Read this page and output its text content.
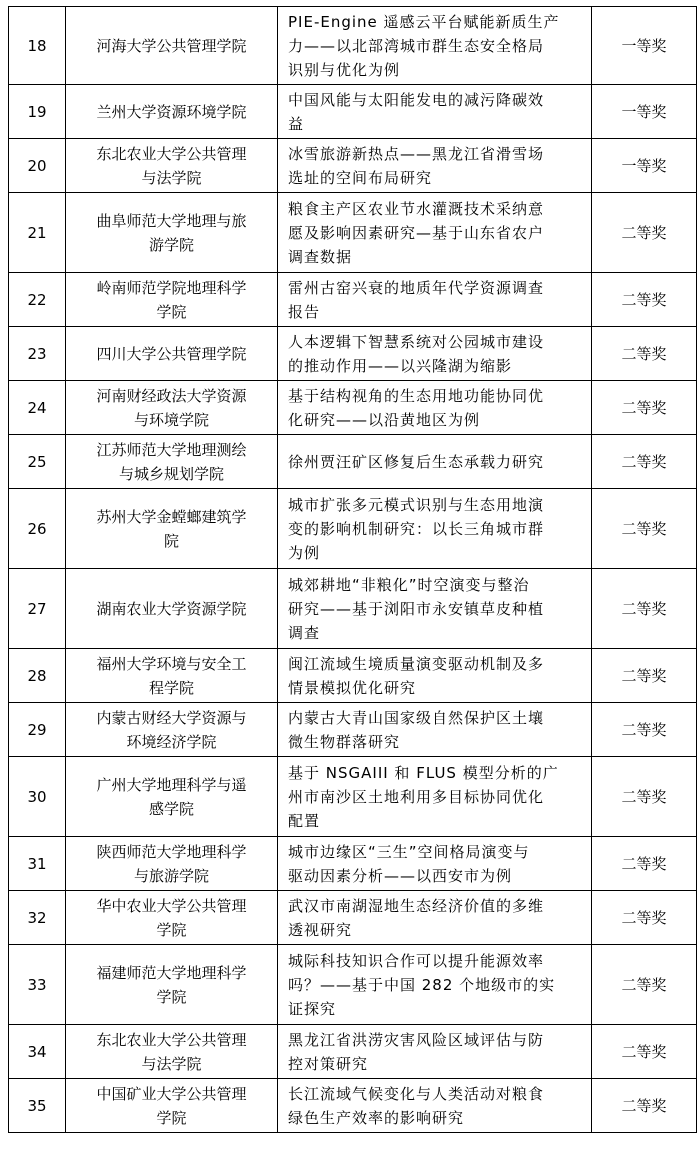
18	河海大学公共管理学院	PIE-Engine 遥感云平台赋能新质生产
力——以北部湾城市群生态安全格局
识别与优化为例	一等奖
19	兰州大学资源环境学院	中国风能与太阳能发电的减污降碳效
益	一等奖
20	东北农业大学公共管理
与法学院	冰雪旅游新热点——黑龙江省滑雪场
选址的空间布局研究	一等奖
21	曲阜师范大学地理与旅
游学院	粮食主产区农业节水灌溉技术采纳意
愿及影响因素研究—基于山东省农户
调查数据	二等奖
22	岭南师范学院地理科学
学院	雷州古窑兴衰的地质年代学资源调查
报告	二等奖
23	四川大学公共管理学院	人本逻辑下智慧系统对公园城市建设
的推动作用——以兴隆湖为缩影	二等奖
24	河南财经政法大学资源
与环境学院	基于结构视角的生态用地功能协同优
化研究——以沿黄地区为例	二等奖
25	江苏师范大学地理测绘
与城乡规划学院	徐州贾汪矿区修复后生态承载力研究	二等奖
26	苏州大学金螳螂建筑学
院	城市扩张多元模式识别与生态用地演
变的影响机制研究：以长三角城市群
为例	二等奖
27	湖南农业大学资源学院	城郊耕地“非粮化”时空演变与整治
研究——基于浏阳市永安镇草皮种植
调查	二等奖
28	福州大学环境与安全工
程学院	闽江流域生境质量演变驱动机制及多
情景模拟优化研究	二等奖
29	内蒙古财经大学资源与
环境经济学院	内蒙古大青山国家级自然保护区土壤
微生物群落研究	二等奖
30	广州大学地理科学与遥
感学院	基于 NSGAIII 和 FLUS 模型分析的广
州市南沙区土地利用多目标协同优化
配置	二等奖
31	陕西师范大学地理科学
与旅游学院	城市边缘区“三生”空间格局演变与
驱动因素分析——以西安市为例	二等奖
32	华中农业大学公共管理
学院	武汉市南湖湿地生态经济价值的多维
透视研究	二等奖
33	福建师范大学地理科学
学院	城际科技知识合作可以提升能源效率
吗？——基于中国 282 个地级市的实
证探究	二等奖
34	东北农业大学公共管理
与法学院	黑龙江省洪涝灾害风险区域评估与防
控对策研究	二等奖
35	中国矿业大学公共管理
学院	长江流域气候变化与人类活动对粮食
绿色生产效率的影响研究	二等奖
